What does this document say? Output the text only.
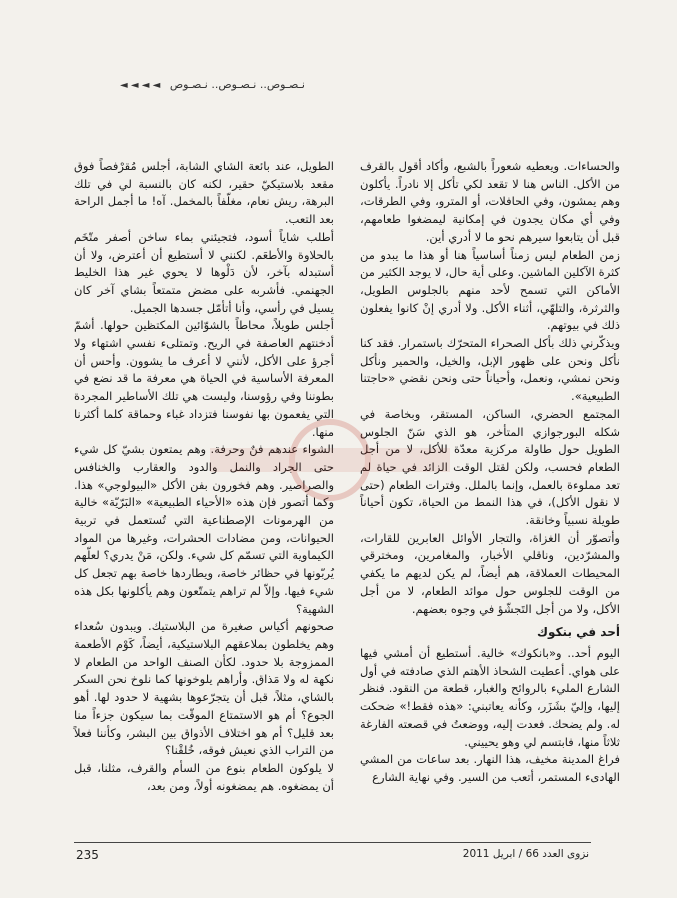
نـصـوص.. نـصـوص.. نـصـوص ◄ ◄ ◄ ◄

والحساءات. ويعطيه شعوراً بالشبع، وأكاد أقول بالقرف من الأكل. الناس هنا لا تقعد لكي تأكل إلا نادراً. يأكلون وهم يمشون، وفي الحافلات، أو المترو، وفي الطرقات، وفي أي مكان يجدون في إمكانية ليمضغوا طعامهم، قبل أن يتابعوا سيرهم نحو ما لا أدري أين.

زمن الطعام ليس زمناً أساسياً هنا أو هذا ما يبدو من كثرة الآكلين الماشين. وعلى أية حال، لا يوجد الكثير من الأماكن التي تسمح لأحد منهم بالجلوس الطويل، والثرثرة، والتلهّي، أثناء الأكل. ولا أدري إنْ كانوا يفعلون ذلك في بيوتهم.

ويذكّرني ذلك بأكل الصحراء المتحرّك باستمرار. فقد كنا نأكل ونحن على ظهور الإبل، والخيل، والحمير ونأكل ونحن نمشي، ونعمل، وأحياناً حتى ونحن نقضي «حاجتنا الطبيعية».

المجتمع الحضري، الساكن، المستقر، وبخاصة في شكله البورجوازي المتأخر، هو الذي سَنّ الجلوس الطويل حول طاولة مركزية معدّة للأكل، لا من أجل الطعام فحسب، ولكن لقتل الوقت الزائد في حياة لم تعد مملوءة بالعمل، وإنما بالملل. وفترات الطعام (حتى لا نقول الأكل)، في هذا النمط من الحياة، تكون أحياناً طويلة نسبياً وخانقة.

وأتصوّر أن الغزاة، والتجار الأوائل العابرين للقارات، والمشرّدين، وناقلي الأخبار، والمغامرين، ومخترقي المحيطات العملاقة، هم أيضاً، لم يكن لديهم ما يكفي من الوقت للجلوس حول موائد الطعام، لا من أجل الأكل، ولا من أجل التَجشّؤ في وجوه بعضهم.

أحد في بنكوك

اليوم أحد.. و«بانكوك» خالية. أستطيع أن أمشي فيها على هواي. أعطيت الشحاذ الأهتم الذي صادفته في أول الشارع المليء بالروائح والغبار، قطعة من النقود. فنظر إليها، وإليّ بشَزَر، وكأنه يعاتبني: «هذه فقط!» ضحكت له. ولم يضحك. فعدت إليه، ووضعتُ في قصعته الفارغة ثلاثاً منها، فابتسم لي وهو يحييني.

فراغ المدينة مخيف، هذا النهار. بعد ساعات من المشي الهادىء المستمر، أتعب من السير. وفي نهاية الشارع

الطويل، عند بائعة الشاي الشابة، أجلس مُقرْفصاً فوق مقعد بلاستيكيّ حقير، لكنه كان بالنسبة لي في تلك البرهة، ريش نعام، مغلّفاً بالمخمل. آه! ما أجمل الراحة بعد التعب.

أطلب شاياً أسود، فتجيئني بماء ساخن أصفر متّخَم بالحلاوة والأطعَم. لكنني لا أستطيع أن أعترض، ولا أن أستبدله بآخر، لأن دَلْوها لا يحوي غير هذا الخليط الجهنمي. فأشربه على مضض متمتعاً بشاي آخر كان يسيل في رأسي، وأنا أتأمّل جسدها الجميل.

أجلس طويلاً، محاطاً بالشوّائين المكتظين حولها. أشمّ أدخنتهم العاصفة في الريح. وتمتلىء نفسي اشتهاء ولا أجرؤ على الأكل، لأنني لا أعرف ما يشوون. وأحس أن المعرفة الأساسية في الحياة هي معرفة ما قد نضع في بطوننا وفي رؤوسنا، وليست هي تلك الأساطير المجردة التي يفعمون بها نفوسنا فتزداد غباء وحماقة كلما أكثرنا منها.

الشواء عندهم فنٌ وحرفة. وهم يمتعون بشيّ كل شيء حتى الجراد والنمل والدود والعقارب والخنافس والصراصير. وهم فخورون بفن الأكل «البيولوجي» هذا. وكما أتصور فإن هذه «الأحياء الطبيعية» «البَرّيّة» خالية من الهرمونات الإصطناعية التي تُستعمل في تربية الحيوانات، ومن مضادات الحشرات، وغيرها من المواد الكيماوية التي تسمّم كل شيء. ولكن، مَنْ يدري؟ لعلّهم يُربّونها في حظائر خاصة، ويطاردها خاصة بهم تجعل كل شيء فيها. وإلاّ لم تراهم يتمتّعون وهم يأكلونها بكل هذه الشهية؟

صحونهم أكياس صغيرة من البلاستيك. ويبدون سُعداء وهم يخلطون بملاعقهم البلاستيكية، أيضاً، كَوْم الأطعمة الممزوجة بلا حدود. لكأن الصنف الواحد من الطعام لا نكهة له ولا مَذاق. وأراهم يلوخونها كما نلوخ نحن السكر بالشاي، مثلاً، قبل أن يتجرّعوها بشهية لا حدود لها. أهو الجوع؟ أم هو الاستمتاع الموقّت بما سيكون جزءاً منا بعد قليل؟ أم هو اختلاف الأذواق بين البشر، وكأننا فعلاً من التراب الذي نعيش فوقه، خُلقْنا؟

لا يلوكون الطعام بنوع من السأم والقرف، مثلنا، قبل أن يمضغوه. هم يمضغونه أولاً، ومن بعد،

235	نزوى العدد 66 / ابريل 2011
